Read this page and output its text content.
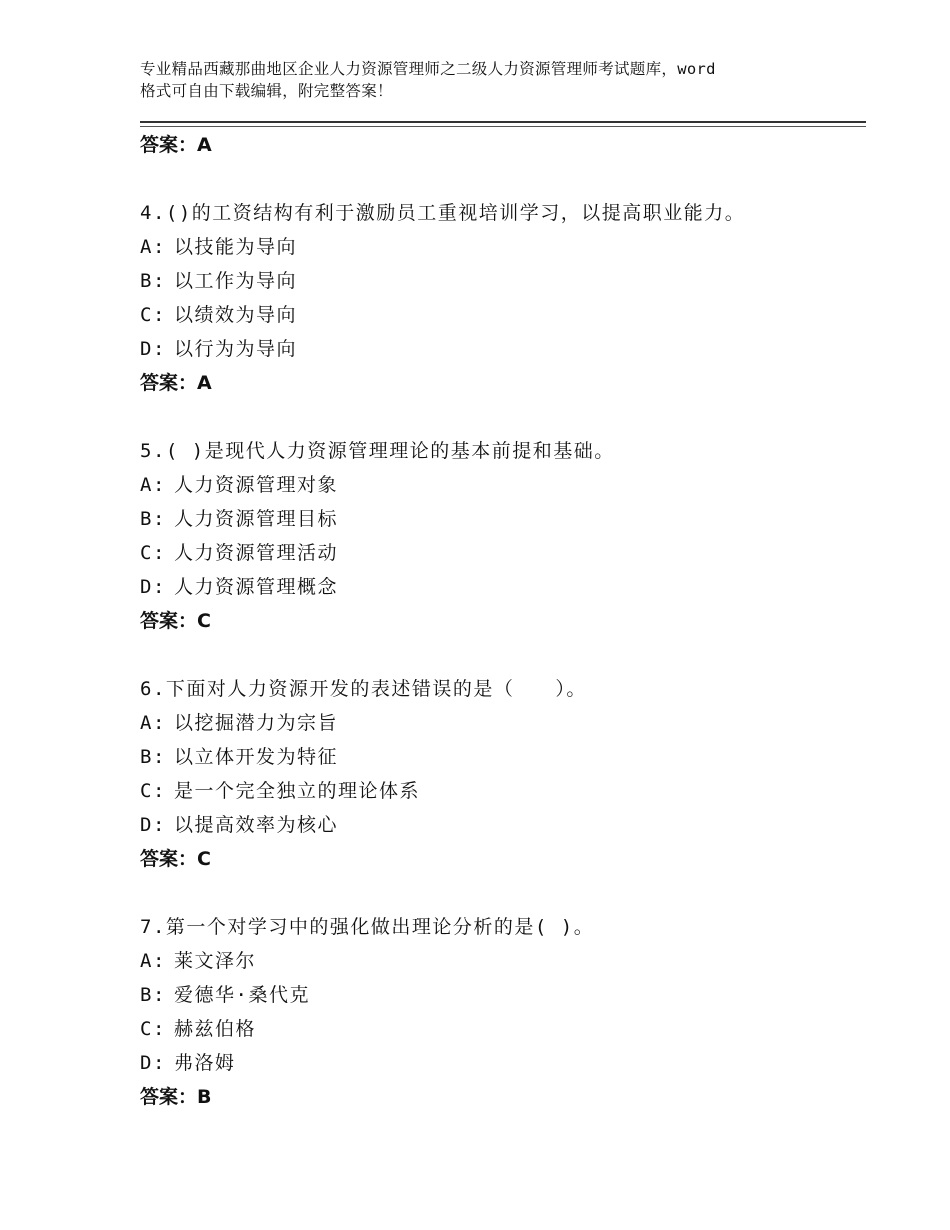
专业精品西藏那曲地区企业人力资源管理师之二级人力资源管理师考试题库，word
格式可自由下载编辑，附完整答案！
答案：A
4.()的工资结构有利于激励员工重视培训学习，以提高职业能力。
A: 以技能为导向
B: 以工作为导向
C: 以绩效为导向
D: 以行为为导向
答案：A
5.( )是现代人力资源管理理论的基本前提和基础。
A: 人力资源管理对象
B: 人力资源管理目标
C: 人力资源管理活动
D: 人力资源管理概念
答案：C
6.下面对人力资源开发的表述错误的是（　　）。
A: 以挖掘潜力为宗旨
B: 以立体开发为特征
C: 是一个完全独立的理论体系
D: 以提高效率为核心
答案：C
7.第一个对学习中的强化做出理论分析的是( )。
A: 莱文泽尔
B: 爱德华·桑代克
C: 赫兹伯格
D: 弗洛姆
答案：B
